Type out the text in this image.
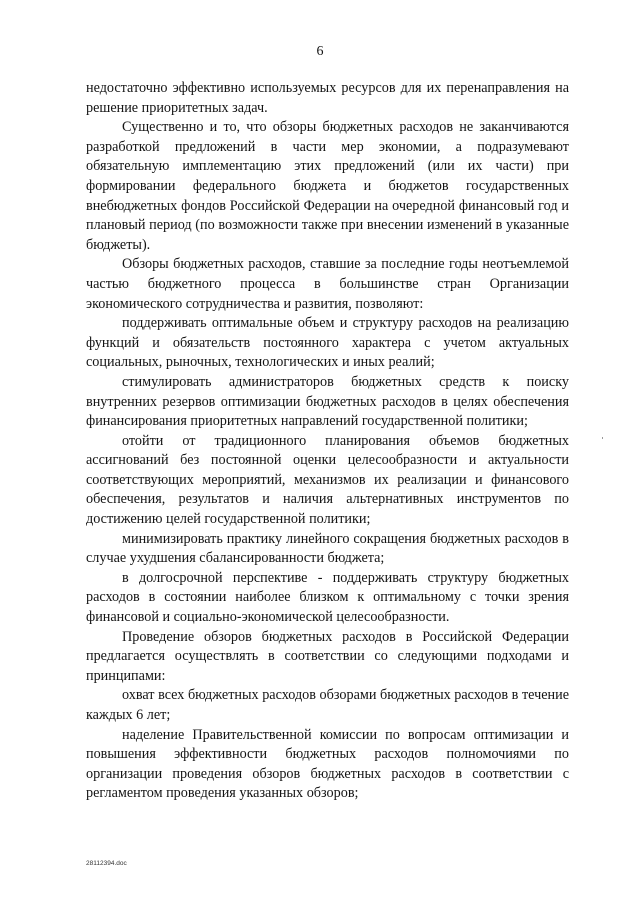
6

недостаточно эффективно используемых ресурсов для их перенаправления на решение приоритетных задач.

Существенно и то, что обзоры бюджетных расходов не заканчиваются разработкой предложений в части мер экономии, а подразумевают обязательную имплементацию этих предложений (или их части) при формировании федерального бюджета и бюджетов государственных внебюджетных фондов Российской Федерации на очередной финансовый год и плановый период (по возможности также при внесении изменений в указанные бюджеты).

Обзоры бюджетных расходов, ставшие за последние годы неотъемлемой частью бюджетного процесса в большинстве стран Организации экономического сотрудничества и развития, позволяют:

поддерживать оптимальные объем и структуру расходов на реализацию функций и обязательств постоянного характера с учетом актуальных социальных, рыночных, технологических и иных реалий;

стимулировать администраторов бюджетных средств к поиску внутренних резервов оптимизации бюджетных расходов в целях обеспечения финансирования приоритетных направлений государственной политики;

отойти от традиционного планирования объемов бюджетных ассигнований без постоянной оценки целесообразности и актуальности соответствующих мероприятий, механизмов их реализации и финансового обеспечения, результатов и наличия альтернативных инструментов по достижению целей государственной политики;

минимизировать практику линейного сокращения бюджетных расходов в случае ухудшения сбалансированности бюджета;

в долгосрочной перспективе - поддерживать структуру бюджетных расходов в состоянии наиболее близком к оптимальному с точки зрения финансовой и социально-экономической целесообразности.

Проведение обзоров бюджетных расходов в Российской Федерации предлагается осуществлять в соответствии со следующими подходами и принципами:

охват всех бюджетных расходов обзорами бюджетных расходов в течение каждых 6 лет;

наделение Правительственной комиссии по вопросам оптимизации и повышения эффективности бюджетных расходов полномочиями по организации проведения обзоров бюджетных расходов в соответствии с регламентом проведения указанных обзоров;

28112394.doc
